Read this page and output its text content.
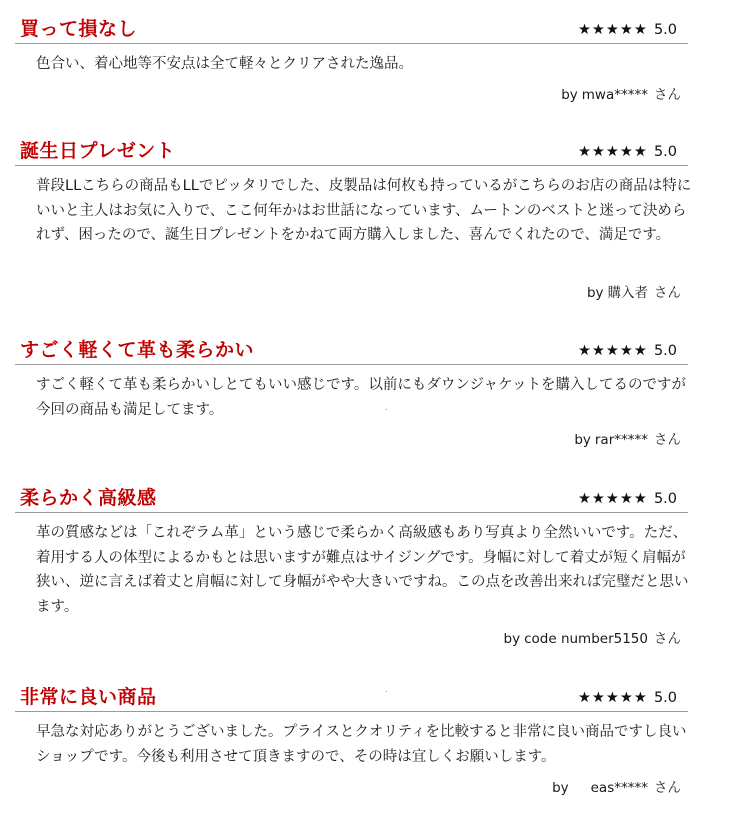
買って損なし	★★★★★ 5.0

色合い、着心地等不安点は全て軽々とクリアされた逸品。

by mwa***** さん
誕生日プレゼント	★★★★★ 5.0

普段LLこちらの商品もLLでピッタリでした、皮製品は何枚も持っているがこちらのお店の商品は特にいいと主人はお気に入りで、ここ何年かはお世話になっています、ムートンのベストと迷って決められず、困ったので、誕生日プレゼントをかねて両方購入しました、喜んでくれたので、満足です。

by 購入者 さん
すごく軽くて革も柔らかい	★★★★★ 5.0

すごく軽くて革も柔らかいしとてもいい感じです。以前にもダウンジャケットを購入してるのですが今回の商品も満足してます。

by rar***** さん
柔らかく高級感	★★★★★ 5.0

革の質感などは「これぞラム革」という感じで柔らかく高級感もあり写真より全然いいです。ただ、着用する人の体型によるかもとは思いますが難点はサイジングです。身幅に対して着丈が短く肩幅が狭い、逆に言えば着丈と肩幅に対して身幅がやや大きいですね。この点を改善出来れば完璧だと思います。

by code number5150 さん
非常に良い商品	★★★★★ 5.0

早急な対応ありがとうございました。プライスとクオリティを比較すると非常に良い商品ですし良いショップです。今後も利用させて頂きますので、その時は宜しくお願いします。

by eas***** さん
